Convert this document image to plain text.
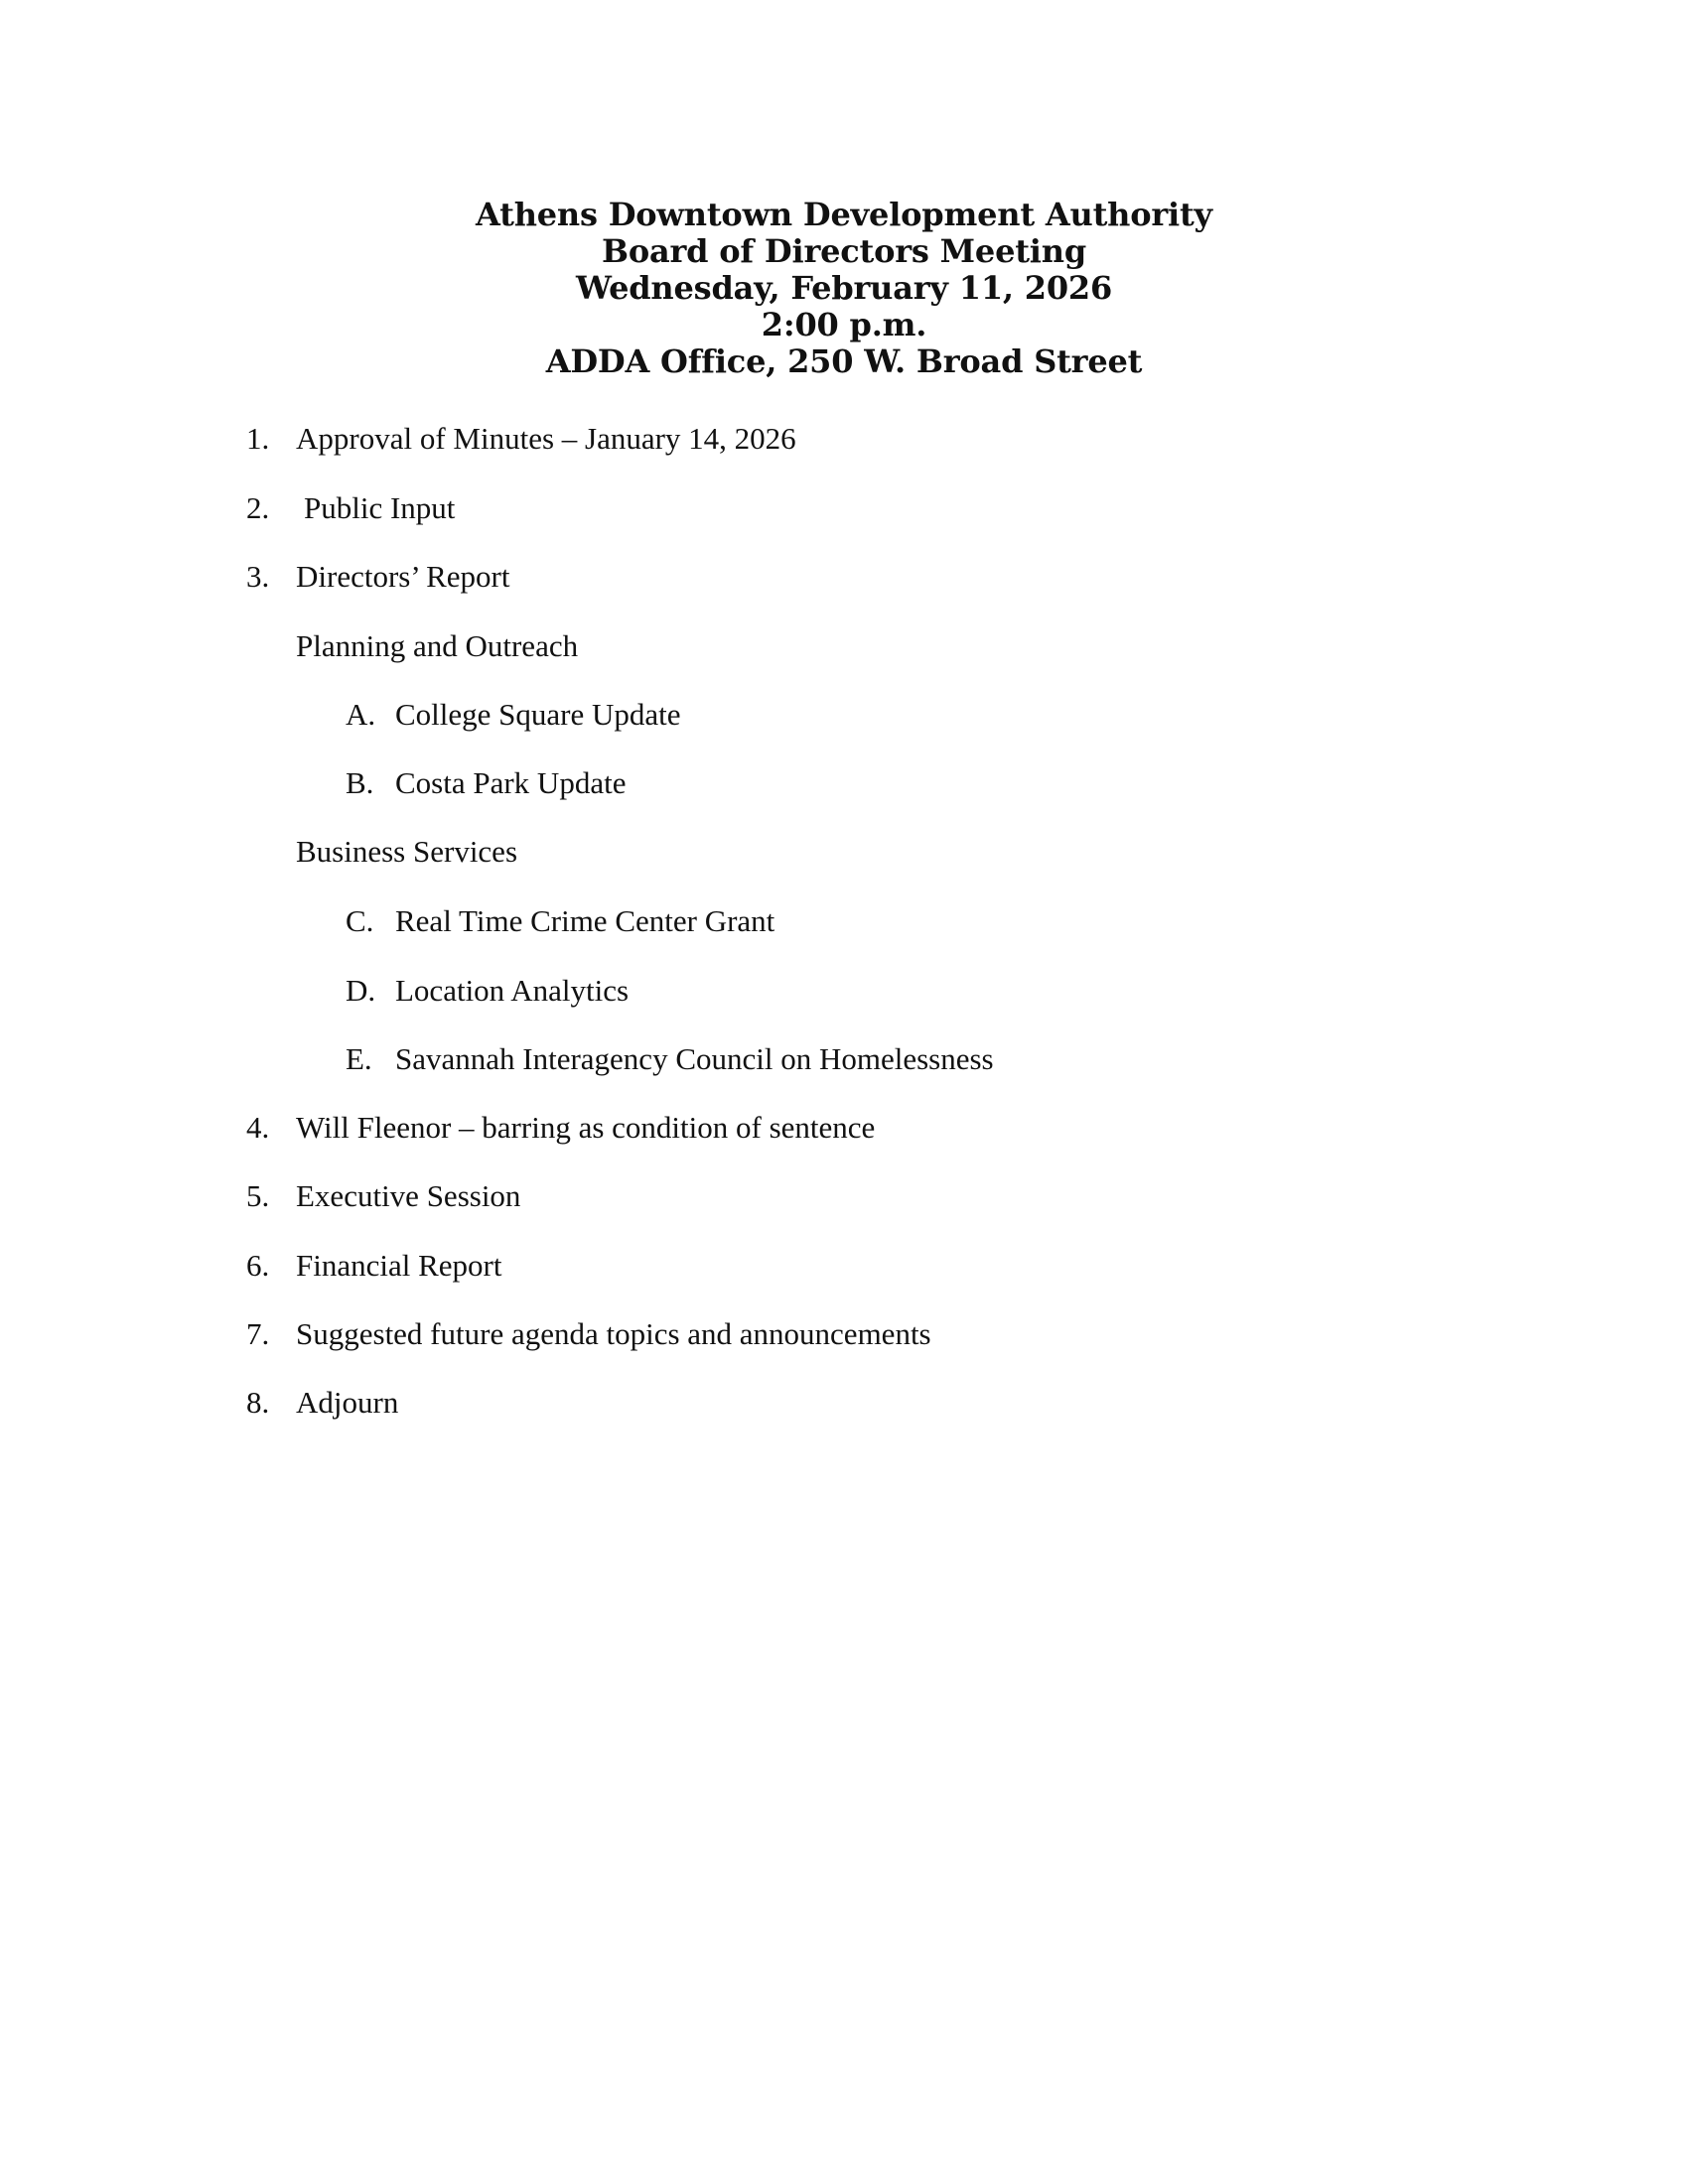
Athens Downtown Development Authority
Board of Directors Meeting
Wednesday, February 11, 2026
2:00 p.m.
ADDA Office, 250 W. Broad Street
1. Approval of Minutes – January 14, 2026
2. Public Input
3. Directors’ Report
Planning and Outreach
A. College Square Update
B. Costa Park Update
Business Services
C. Real Time Crime Center Grant
D. Location Analytics
E. Savannah Interagency Council on Homelessness
4. Will Fleenor – barring as condition of sentence
5. Executive Session
6. Financial Report
7. Suggested future agenda topics and announcements
8. Adjourn
